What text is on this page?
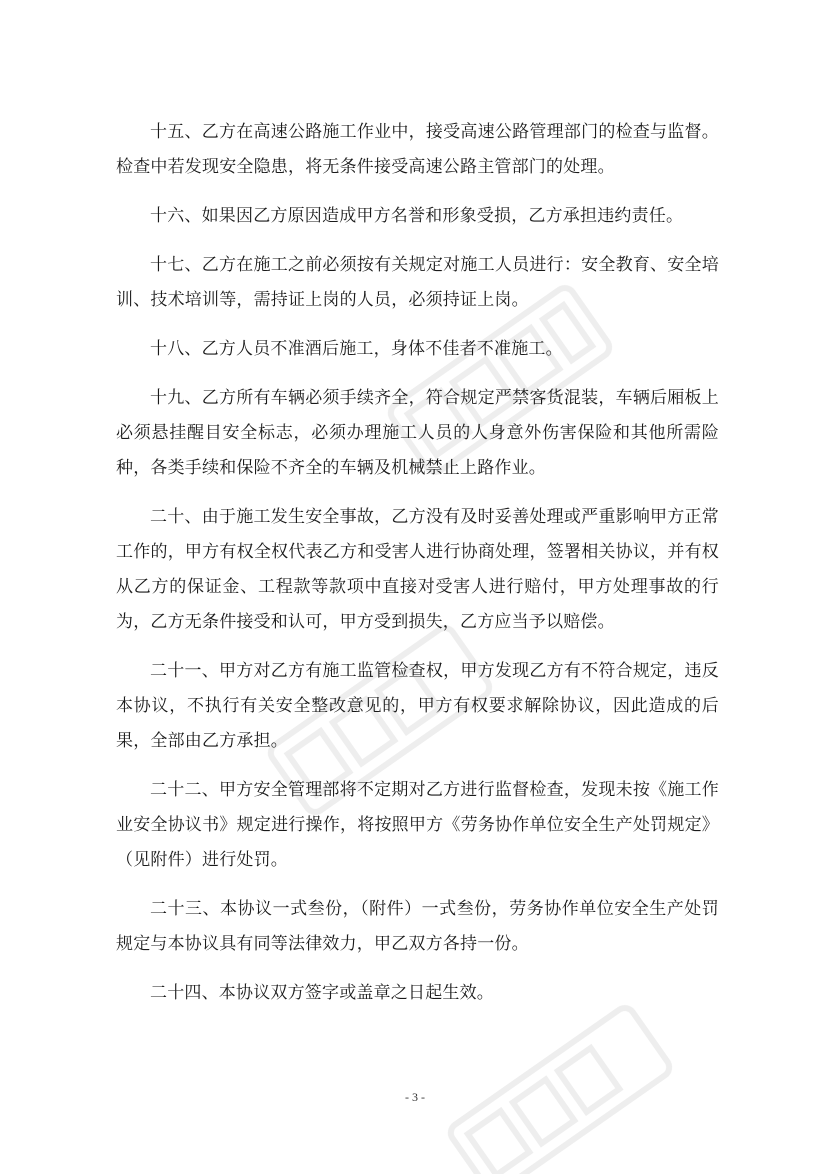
十五、乙方在高速公路施工作业中，接受高速公路管理部门的检查与监督。检查中若发现安全隐患，将无条件接受高速公路主管部门的处理。

十六、如果因乙方原因造成甲方名誉和形象受损，乙方承担违约责任。

十七、乙方在施工之前必须按有关规定对施工人员进行：安全教育、安全培训、技术培训等，需持证上岗的人员，必须持证上岗。

十八、乙方人员不准酒后施工，身体不佳者不准施工。

十九、乙方所有车辆必须手续齐全，符合规定严禁客货混装，车辆后厢板上必须悬挂醒目安全标志，必须办理施工人员的人身意外伤害保险和其他所需险种，各类手续和保险不齐全的车辆及机械禁止上路作业。

二十、由于施工发生安全事故，乙方没有及时妥善处理或严重影响甲方正常工作的，甲方有权全权代表乙方和受害人进行协商处理，签署相关协议，并有权从乙方的保证金、工程款等款项中直接对受害人进行赔付，甲方处理事故的行为，乙方无条件接受和认可，甲方受到损失，乙方应当予以赔偿。

二十一、甲方对乙方有施工监管检查权，甲方发现乙方有不符合规定，违反本协议，不执行有关安全整改意见的，甲方有权要求解除协议，因此造成的后果，全部由乙方承担。

二十二、甲方安全管理部将不定期对乙方进行监督检查，发现未按《施工作业安全协议书》规定进行操作，将按照甲方《劳务协作单位安全生产处罚规定》（见附件）进行处罚。

二十三、本协议一式叁份，（附件）一式叁份，劳务协作单位安全生产处罚规定与本协议具有同等法律效力，甲乙双方各持一份。

二十四、本协议双方签字或盖章之日起生效。

- 3 -
